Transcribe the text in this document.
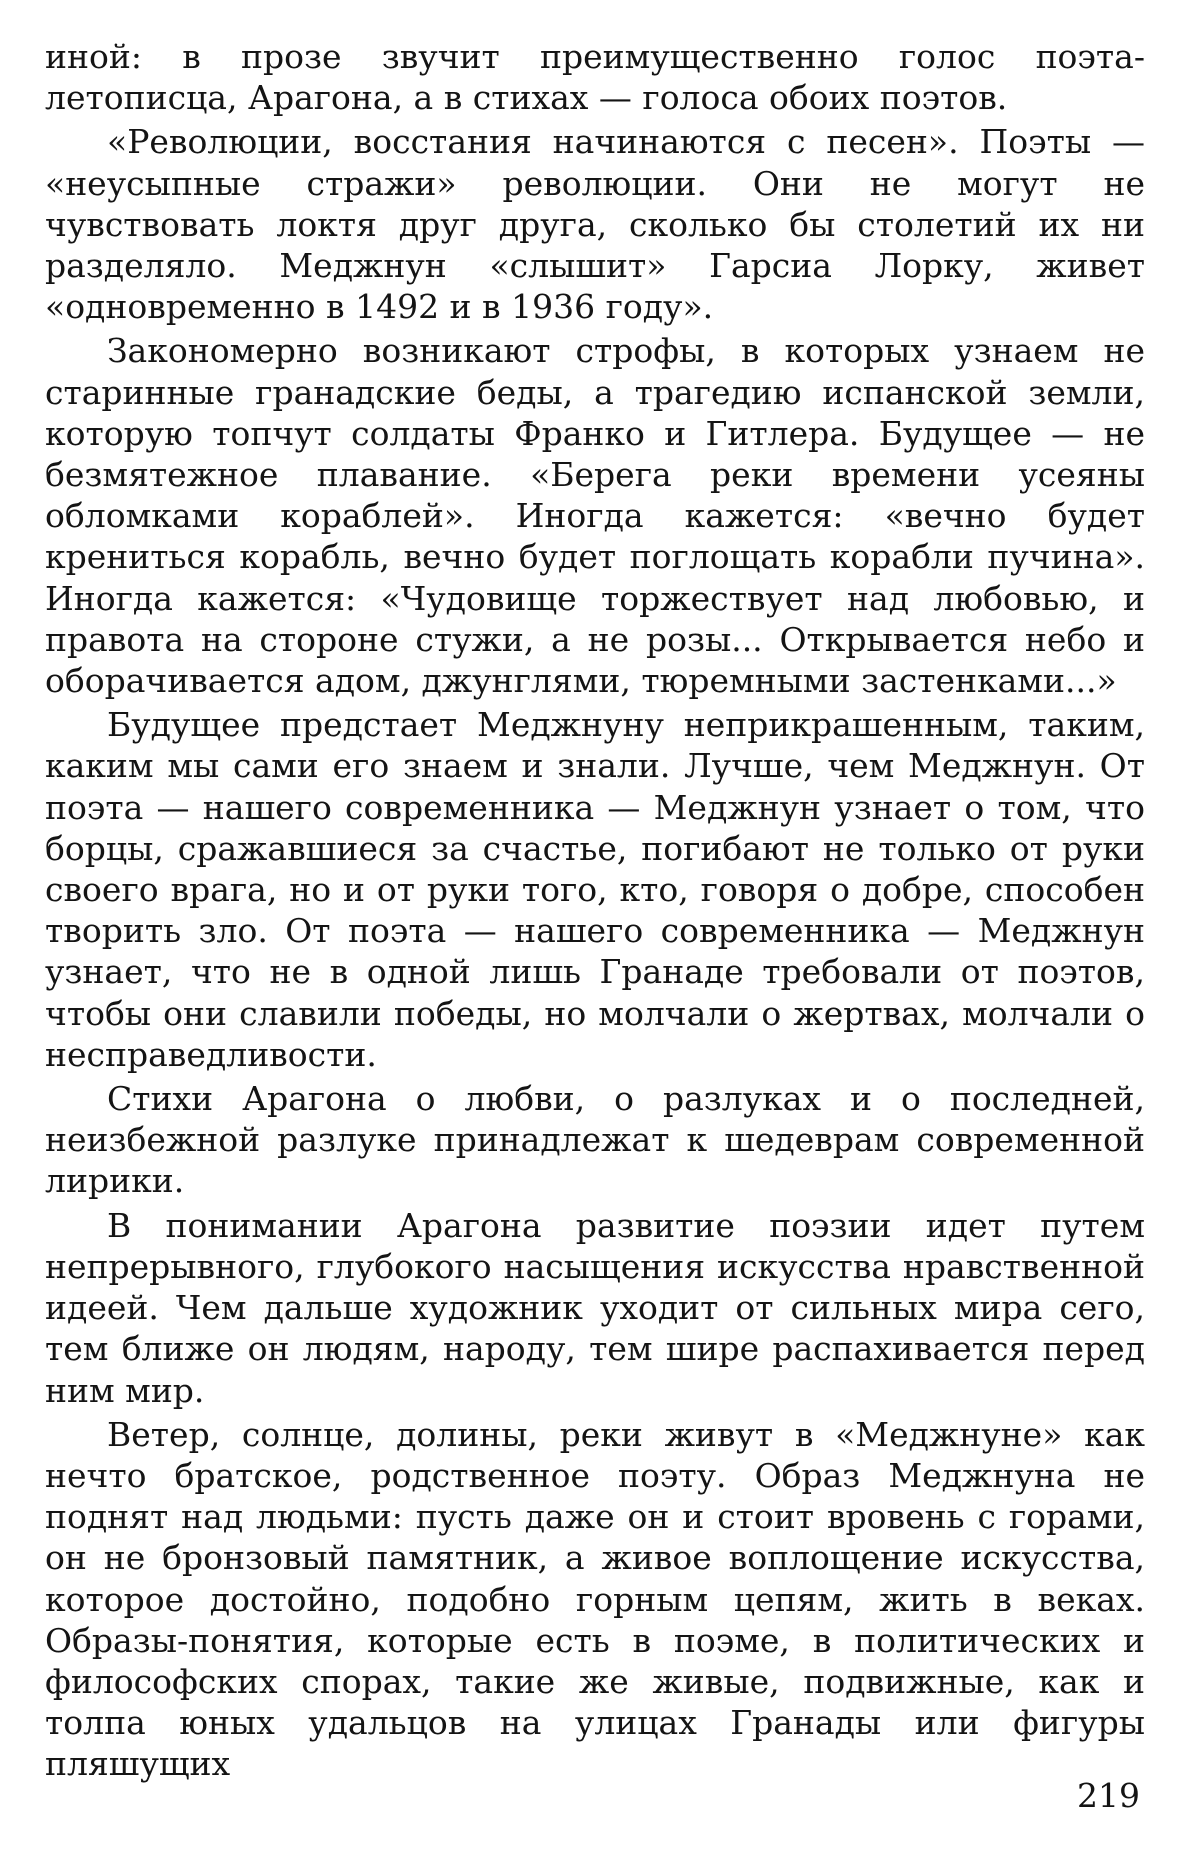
иной: в прозе звучит преимущественно голос поэта-летописца, Арагона, а в стихах — голоса обоих поэтов.

«Революции, восстания начинаются с песен». Поэты — «неусыпные стражи» революции. Они не могут не чувствовать локтя друг друга, сколько бы столетий их ни разделяло. Меджнун «слышит» Гарсиа Лорку, живет «одновременно в 1492 и в 1936 году».

Закономерно возникают строфы, в которых узнаем не старинные гранадские беды, а трагедию испанской земли, которую топчут солдаты Франко и Гитлера. Будущее — не безмятежное плавание. «Берега реки времени усеяны обломками кораблей». Иногда кажется: «вечно будет крениться корабль, вечно будет поглощать корабли пучина». Иногда кажется: «Чудовище торжествует над любовью, и правота на стороне стужи, а не розы... Открывается небо и оборачивается адом, джунглями, тюремными застенками...»

Будущее предстает Меджнуну неприкрашенным, таким, каким мы сами его знаем и знали. Лучше, чем Меджнун. От поэта — нашего современника — Меджнун узнает о том, что борцы, сражавшиеся за счастье, погибают не только от руки своего врага, но и от руки того, кто, говоря о добре, способен творить зло. От поэта — нашего современника — Меджнун узнает, что не в одной лишь Гранаде требовали от поэтов, чтобы они славили победы, но молчали о жертвах, молчали о несправедливости.

Стихи Арагона о любви, о разлуках и о последней, неизбежной разлуке принадлежат к шедеврам современной лирики.

В понимании Арагона развитие поэзии идет путем непрерывного, глубокого насыщения искусства нравственной идеей. Чем дальше художник уходит от сильных мира сего, тем ближе он людям, народу, тем шире распахивается перед ним мир.

Ветер, солнце, долины, реки живут в «Меджнуне» как нечто братское, родственное поэту. Образ Меджнуна не поднят над людьми: пусть даже он и стоит вровень с горами, он не бронзовый памятник, а живое воплощение искусства, которое достойно, подобно горным цепям, жить в веках. Образы-понятия, которые есть в поэме, в политических и философских спорах, такие же живые, подвижные, как и толпа юных удальцов на улицах Гранады или фигуры пляшущих

219
